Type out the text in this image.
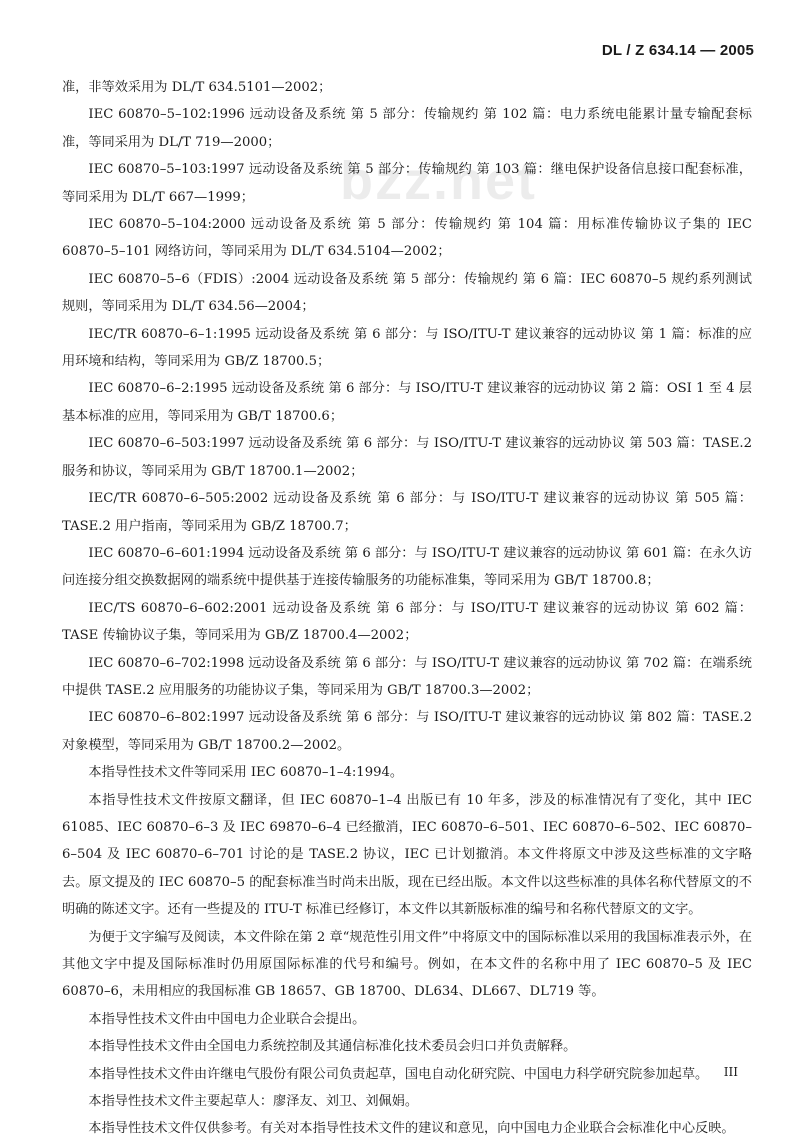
DL / Z 634.14 — 2005
bzz.net

准，非等效采用为 DL/T 634.5101—2002；

IEC 60870–5–102:1996 远动设备及系统 第 5 部分：传输规约 第 102 篇：电力系统电能累计量专输配套标准，等同采用为 DL/T 719—2000；

IEC 60870–5–103:1997 远动设备及系统 第 5 部分：传输规约 第 103 篇：继电保护设备信息接口配套标准，等同采用为 DL/T 667—1999；

IEC 60870–5–104:2000 远动设备及系统 第 5 部分：传输规约 第 104 篇：用标准传输协议子集的 IEC 60870–5–101 网络访问，等同采用为 DL/T 634.5104—2002；

IEC 60870–5–6（FDIS）:2004 远动设备及系统 第 5 部分：传输规约 第 6 篇：IEC 60870–5 规约系列测试规则，等同采用为 DL/T 634.56—2004；

IEC/TR 60870–6–1:1995 远动设备及系统 第 6 部分：与 ISO/ITU-T 建议兼容的远动协议 第 1 篇：标准的应用环境和结构，等同采用为 GB/Z 18700.5；

IEC 60870–6–2:1995 远动设备及系统 第 6 部分：与 ISO/ITU-T 建议兼容的远动协议 第 2 篇：OSI 1 至 4 层基本标准的应用，等同采用为 GB/T 18700.6；

IEC 60870–6–503:1997 远动设备及系统 第 6 部分：与 ISO/ITU-T 建议兼容的远动协议 第 503 篇：TASE.2 服务和协议，等同采用为 GB/T 18700.1—2002；

IEC/TR 60870–6–505:2002 远动设备及系统 第 6 部分：与 ISO/ITU-T 建议兼容的远动协议 第 505 篇：TASE.2 用户指南，等同采用为 GB/Z 18700.7；

IEC 60870–6–601:1994 远动设备及系统 第 6 部分：与 ISO/ITU-T 建议兼容的远动协议 第 601 篇：在永久访问连接分组交换数据网的端系统中提供基于连接传输服务的功能标准集，等同采用为 GB/T 18700.8；

IEC/TS 60870–6–602:2001 远动设备及系统 第 6 部分：与 ISO/ITU-T 建议兼容的远动协议 第 602 篇：TASE 传输协议子集，等同采用为 GB/Z 18700.4—2002；

IEC 60870–6–702:1998 远动设备及系统 第 6 部分：与 ISO/ITU-T 建议兼容的远动协议 第 702 篇：在端系统中提供 TASE.2 应用服务的功能协议子集，等同采用为 GB/T 18700.3—2002；

IEC 60870–6–802:1997 远动设备及系统 第 6 部分：与 ISO/ITU-T 建议兼容的远动协议 第 802 篇：TASE.2 对象模型，等同采用为 GB/T 18700.2—2002。

本指导性技术文件等同采用 IEC 60870–1–4:1994。

本指导性技术文件按原文翻译，但 IEC 60870–1–4 出版已有 10 年多，涉及的标准情况有了变化，其中 IEC 61085、IEC 60870–6–3 及 IEC 69870–6–4 已经撤消，IEC 60870–6–501、IEC 60870–6–502、IEC 60870–6–504 及 IEC 60870–6–701 讨论的是 TASE.2 协议，IEC 已计划撤消。本文件将原文中涉及这些标准的文字略去。原文提及的 IEC 60870–5 的配套标准当时尚未出版，现在已经出版。本文件以这些标准的具体名称代替原文的不明确的陈述文字。还有一些提及的 ITU-T 标准已经修订，本文件以其新版标准的编号和名称代替原文的文字。

为便于文字编写及阅读，本文件除在第 2 章“规范性引用文件”中将原文中的国际标准以采用的我国标准表示外，在其他文字中提及国际标准时仍用原国际标准的代号和编号。例如，在本文件的名称中用了 IEC 60870–5 及 IEC 60870–6，未用相应的我国标准 GB 18657、GB 18700、DL634、DL667、DL719 等。

本指导性技术文件由中国电力企业联合会提出。

本指导性技术文件由全国电力系统控制及其通信标准化技术委员会归口并负责解释。

本指导性技术文件由许继电气股份有限公司负责起草，国电自动化研究院、中国电力科学研究院参加起草。

本指导性技术文件主要起草人：廖泽友、刘卫、刘佩娟。

本指导性技术文件仅供参考。有关对本指导性技术文件的建议和意见，向中国电力企业联合会标准化中心反映。

III
